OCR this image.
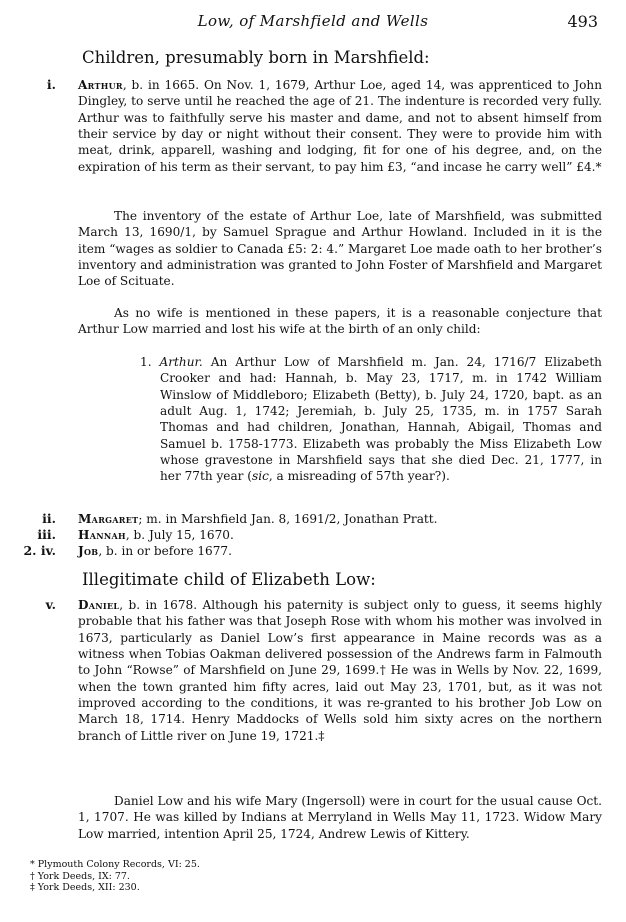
Low, of Marshfield and Wells	493
Children, presumably born in Marshfield:
i. Arthur, b. in 1665. On Nov. 1, 1679, Arthur Loe, aged 14, was apprenticed to John Dingley, to serve until he reached the age of 21. The indenture is recorded very fully. Arthur was to faithfully serve his master and dame, and not to absent himself from their service by day or night without their consent. They were to provide him with meat, drink, apparell, washing and lodging, fit for one of his degree, and, on the expiration of his term as their servant, to pay him £3, “and incase he carry well” £4.*

The inventory of the estate of Arthur Loe, late of Marshfield, was submitted March 13, 1690/1, by Samuel Sprague and Arthur Howland. Included in it is the item “wages as soldier to Canada £5: 2: 4.” Margaret Loe made oath to her brother’s inventory and administration was granted to John Foster of Marshfield and Margaret Loe of Scituate.

As no wife is mentioned in these papers, it is a reasonable conjecture that Arthur Low married and lost his wife at the birth of an only child:

1. Arthur. An Arthur Low of Marshfield m. Jan. 24, 1716/7 Elizabeth Crooker and had: Hannah, b. May 23, 1717, m. in 1742 William Winslow of Middleboro; Elizabeth (Betty), b. July 24, 1720, bapt. as an adult Aug. 1, 1742; Jeremiah, b. July 25, 1735, m. in 1757 Sarah Thomas and had children, Jonathan, Hannah, Abigail, Thomas and Samuel b. 1758-1773. Elizabeth was probably the Miss Elizabeth Low whose gravestone in Marshfield says that she died Dec. 21, 1777, in her 77th year (sic, a misreading of 57th year?).

ii. Margaret; m. in Marshfield Jan. 8, 1691/2, Jonathan Pratt.

iii. Hannah, b. July 15, 1670.

2. iv. Job, b. in or before 1677.

Illegitimate child of Elizabeth Low:
v. Daniel, b. in 1678. Although his paternity is subject only to guess, it seems highly probable that his father was that Joseph Rose with whom his mother was involved in 1673, particularly as Daniel Low’s first appearance in Maine records was as a witness when Tobias Oakman delivered possession of the Andrews farm in Falmouth to John “Rowse” of Marshfield on June 29, 1699.† He was in Wells by Nov. 22, 1699, when the town granted him fifty acres, laid out May 23, 1701, but, as it was not improved according to the conditions, it was re-granted to his brother Job Low on March 18, 1714. Henry Maddocks of Wells sold him sixty acres on the northern branch of Little river on June 19, 1721.‡

Daniel Low and his wife Mary (Ingersoll) were in court for the usual cause Oct. 1, 1707. He was killed by Indians at Merryland in Wells May 11, 1723. Widow Mary Low married, intention April 25, 1724, Andrew Lewis of Kittery.

* Plymouth Colony Records, VI: 25.
† York Deeds, IX: 77.
‡ York Deeds, XII: 230.
